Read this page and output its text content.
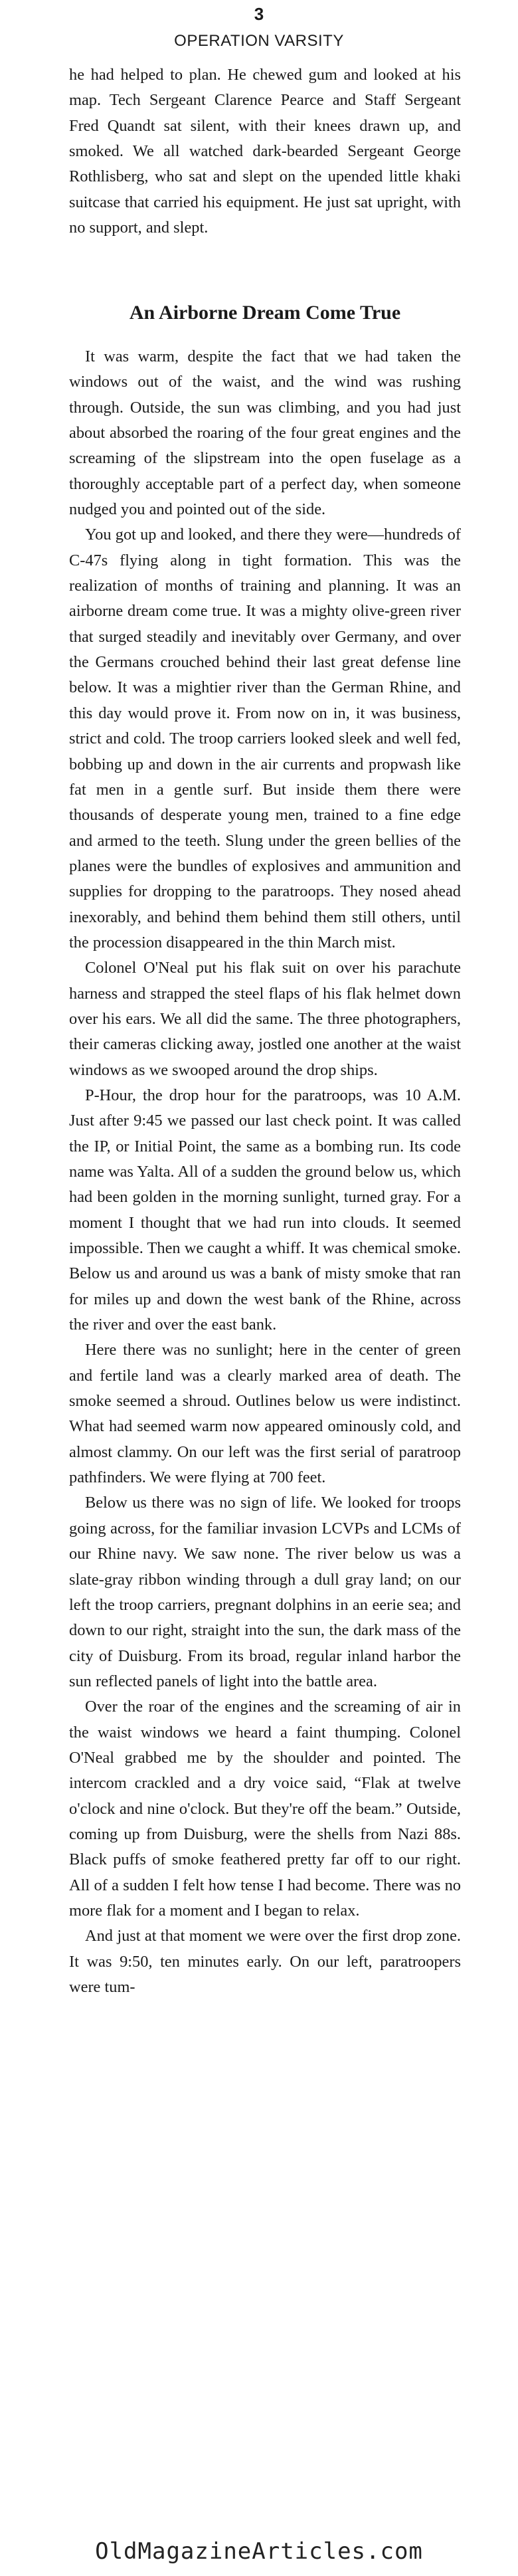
3
OPERATION VARSITY

he had helped to plan. He chewed gum and looked at his map. Tech Sergeant Clarence Pearce and Staff Sergeant Fred Quandt sat silent, with their knees drawn up, and smoked. We all watched dark-bearded Sergeant George Rothlisberg, who sat and slept on the upended little khaki suitcase that carried his equipment. He just sat upright, with no support, and slept.

An Airborne Dream Come True

It was warm, despite the fact that we had taken the windows out of the waist, and the wind was rushing through. Outside, the sun was climbing, and you had just about absorbed the roaring of the four great engines and the screaming of the slipstream into the open fuselage as a thoroughly acceptable part of a perfect day, when someone nudged you and pointed out of the side.

You got up and looked, and there they were—hundreds of C-47s flying along in tight formation. This was the realization of months of training and planning. It was an airborne dream come true. It was a mighty olive-green river that surged steadily and inevitably over Germany, and over the Germans crouched behind their last great defense line below. It was a mightier river than the German Rhine, and this day would prove it. From now on in, it was business, strict and cold. The troop carriers looked sleek and well fed, bobbing up and down in the air currents and propwash like fat men in a gentle surf. But inside them there were thousands of desperate young men, trained to a fine edge and armed to the teeth. Slung under the green bellies of the planes were the bundles of explosives and ammunition and supplies for dropping to the paratroops. They nosed ahead inexorably, and behind them behind them still others, until the procession disappeared in the thin March mist.

Colonel O'Neal put his flak suit on over his parachute harness and strapped the steel flaps of his flak helmet down over his ears. We all did the same. The three photographers, their cameras clicking away, jostled one another at the waist windows as we swooped around the drop ships.

P-Hour, the drop hour for the paratroops, was 10 A.M. Just after 9:45 we passed our last check point. It was called the IP, or Initial Point, the same as a bombing run. Its code name was Yalta. All of a sudden the ground below us, which had been golden in the morning sunlight, turned gray. For a moment I thought that we had run into clouds. It seemed impossible. Then we caught a whiff. It was chemical smoke. Below us and around us was a bank of misty smoke that ran for miles up and down the west bank of the Rhine, across the river and over the east bank.

Here there was no sunlight; here in the center of green and fertile land was a clearly marked area of death. The smoke seemed a shroud. Outlines below us were indistinct. What had seemed warm now appeared ominously cold, and almost clammy. On our left was the first serial of paratroop pathfinders. We were flying at 700 feet.

Below us there was no sign of life. We looked for troops going across, for the familiar invasion LCVPs and LCMs of our Rhine navy. We saw none. The river below us was a slate-gray ribbon winding through a dull gray land; on our left the troop carriers, pregnant dolphins in an eerie sea; and down to our right, straight into the sun, the dark mass of the city of Duisburg. From its broad, regular inland harbor the sun reflected panels of light into the battle area.

Over the roar of the engines and the screaming of air in the waist windows we heard a faint thumping. Colonel O'Neal grabbed me by the shoulder and pointed. The intercom crackled and a dry voice said, “Flak at twelve o'clock and nine o'clock. But they're off the beam.” Outside, coming up from Duisburg, were the shells from Nazi 88s. Black puffs of smoke feathered pretty far off to our right. All of a sudden I felt how tense I had become. There was no more flak for a moment and I began to relax.

And just at that moment we were over the first drop zone. It was 9:50, ten minutes early. On our left, paratroopers were tum-

OldMagazineArticles.com
